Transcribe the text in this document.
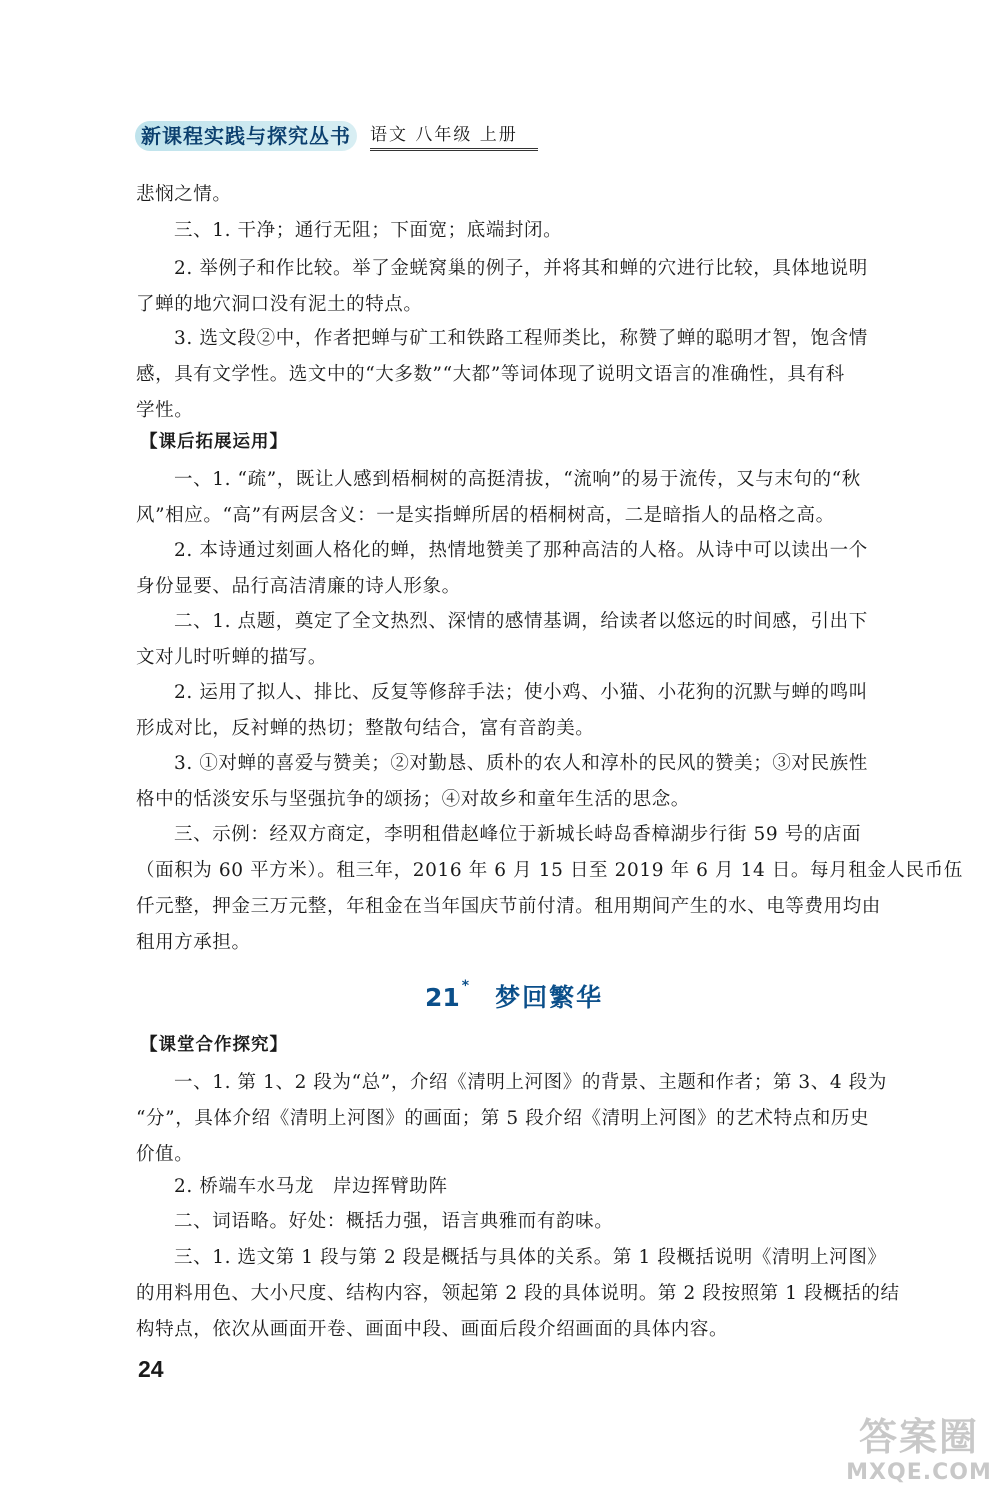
新课程实践与探究丛书	语文 八年级 上册

悲悯之情。

三、1. 干净；通行无阻；下面宽；底端封闭。

2. 举例子和作比较。举了金蜣窝巢的例子，并将其和蝉的穴进行比较，具体地说明
了蝉的地穴洞口没有泥土的特点。
3. 选文段②中，作者把蝉与矿工和铁路工程师类比，称赞了蝉的聪明才智，饱含情
感，具有文学性。选文中的“大多数”“大都”等词体现了说明文语言的准确性，具有科
学性。
【课后拓展运用】
一、1. “疏”，既让人感到梧桐树的高挺清拔，“流响”的易于流传，又与末句的“秋
风”相应。“高”有两层含义：一是实指蝉所居的梧桐树高，二是暗指人的品格之高。
2. 本诗通过刻画人格化的蝉，热情地赞美了那种高洁的人格。从诗中可以读出一个
身份显要、品行高洁清廉的诗人形象。
二、1. 点题，奠定了全文热烈、深情的感情基调，给读者以悠远的时间感，引出下
文对儿时听蝉的描写。
2. 运用了拟人、排比、反复等修辞手法；使小鸡、小猫、小花狗的沉默与蝉的鸣叫
形成对比，反衬蝉的热切；整散句结合，富有音韵美。
3. ①对蝉的喜爱与赞美；②对勤恳、质朴的农人和淳朴的民风的赞美；③对民族性
格中的恬淡安乐与坚强抗争的颂扬；④对故乡和童年生活的思念。
三、示例：经双方商定，李明租借赵峰位于新城长峙岛香樟湖步行街 59 号的店面
（面积为 60 平方米）。租三年，2016 年 6 月 15 日至 2019 年 6 月 14 日。每月租金人民币伍
仟元整，押金三万元整，年租金在当年国庆节前付清。租用期间产生的水、电等费用均由
租用方承担。
21 * 梦回繁华
【课堂合作探究】
一、1. 第 1、2 段为“总”，介绍《清明上河图》的背景、主题和作者；第 3、4 段为
“分”，具体介绍《清明上河图》的画面；第 5 段介绍《清明上河图》的艺术特点和历史
价值。

2. 桥端车水马龙　岸边挥臂助阵

二、词语略。好处：概括力强，语言典雅而有韵味。

三、1. 选文第 1 段与第 2 段是概括与具体的关系。第 1 段概括说明《清明上河图》
的用料用色、大小尺度、结构内容，领起第 2 段的具体说明。第 2 段按照第 1 段概括的结
构特点，依次从画面开卷、画面中段、画面后段介绍画面的具体内容。
24
答案圈
MXQE.COM
